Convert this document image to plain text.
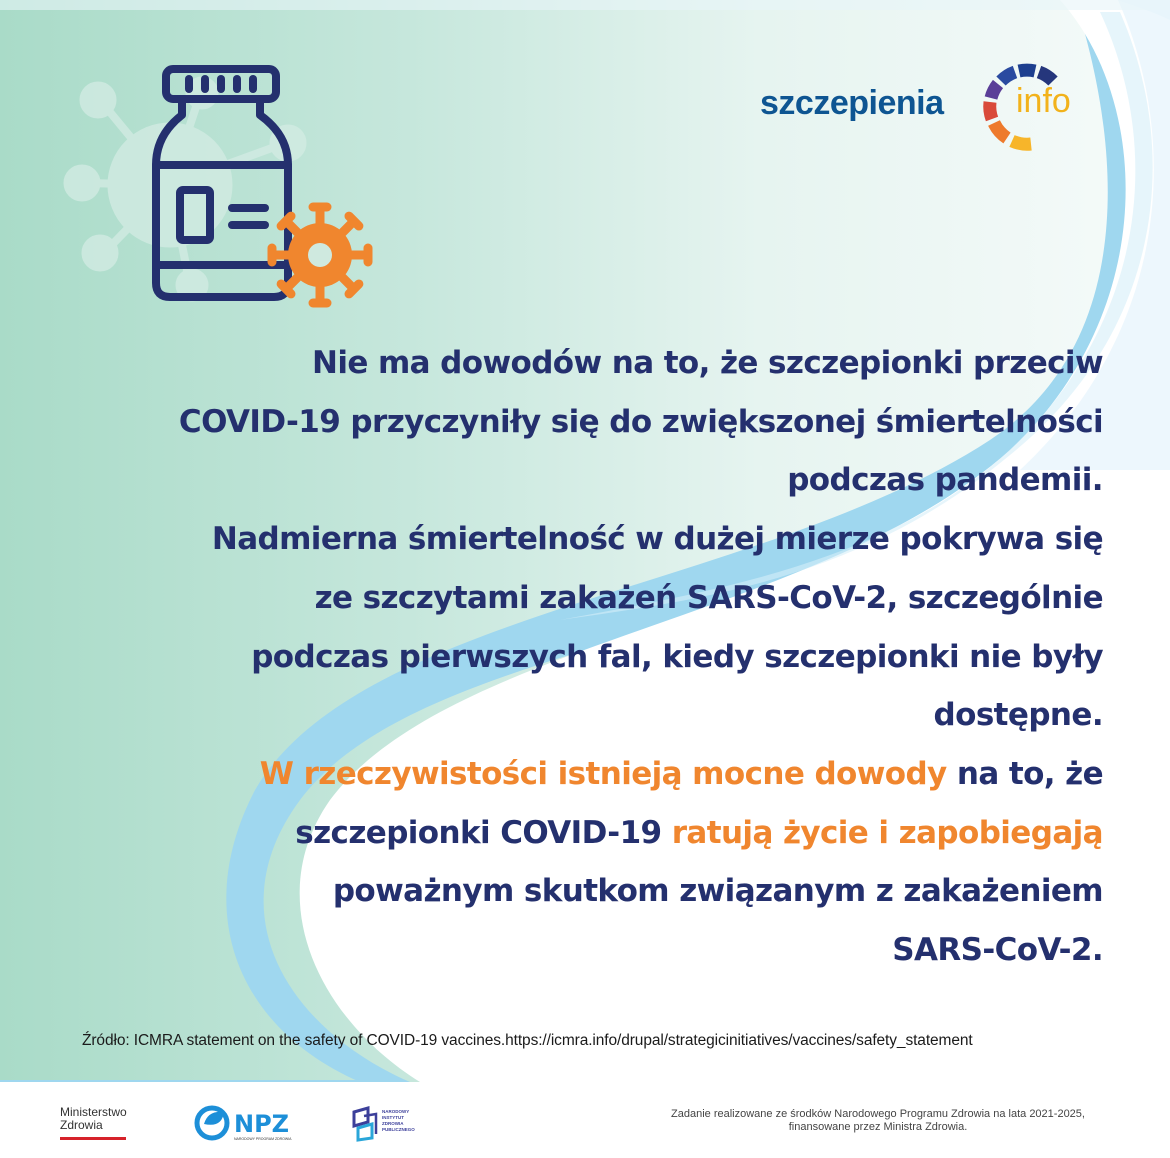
szczepienia info
Nie ma dowodów na to, że szczepionki przeciw
COVID-19 przyczyniły się do zwiększonej śmiertelności
podczas pandemii.
Nadmierna śmiertelność w dużej mierze pokrywa się
ze szczytami zakażeń SARS-CoV-2, szczególnie
podczas pierwszych fal, kiedy szczepionki nie były
dostępne.
W rzeczywistości istnieją mocne dowody na to, że
szczepionki COVID-19 ratują życie i zapobiegają
poważnym skutkom związanym z zakażeniem
SARS-CoV-2.
Źródło: ICMRA statement on the safety of COVID-19 vaccines.https://icmra.info/drupal/strategicinitiatives/vaccines/safety_statement
Ministerstwo
Zdrowia	NPZ
NARODOWY PROGRAM ZDROWIA
NARODOWY
INSTYTUT
ZDROWIA
PUBLICZNEGO
Zadanie realizowane ze środków Narodowego Programu Zdrowia na lata 2021-2025,
finansowane przez Ministra Zdrowia.
